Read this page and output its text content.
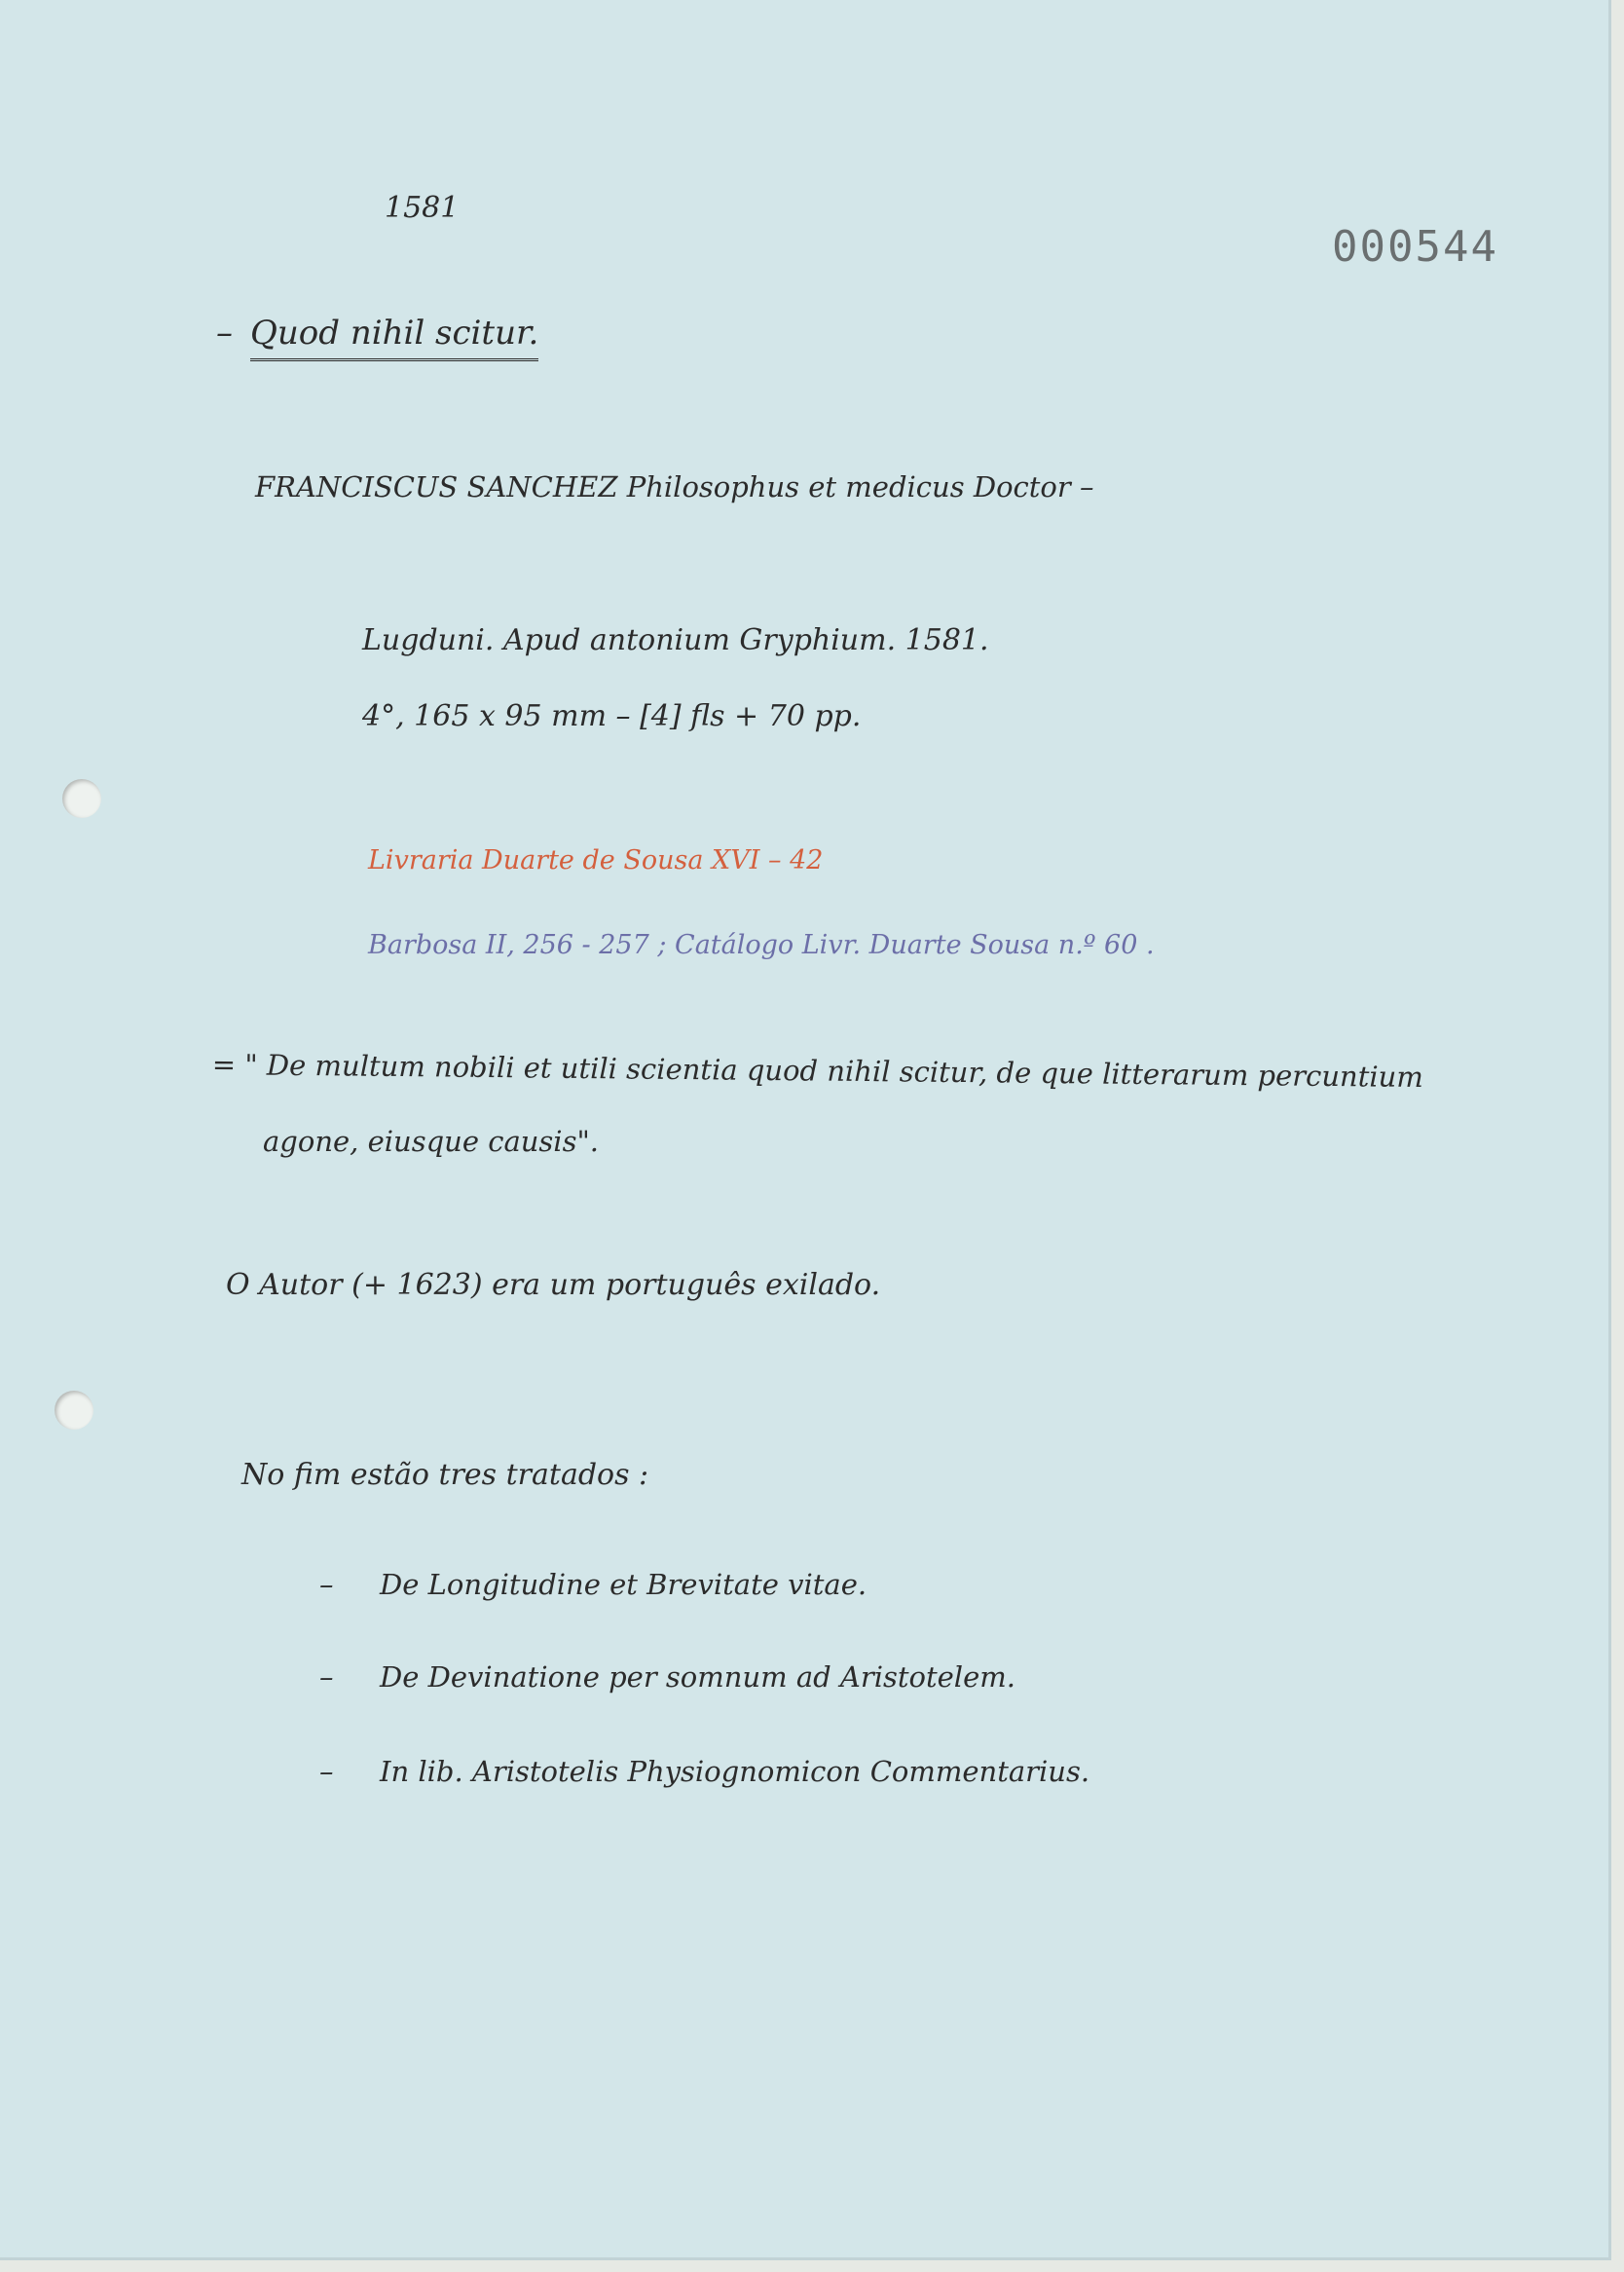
1581
000544
– Quod nihil scitur.
FRANCISCUS SANCHEZ Philosophus et medicus Doctor –
Lugduni. Apud antonium Gryphium. 1581.
4°, 165 x 95 mm – [4] fls + 70 pp.
Livraria Duarte de Sousa XVI – 42
Barbosa II, 256 - 257 ; Catálogo Livr. Duarte Sousa n.º 60 .
= " De multum nobili et utili scientia quod nihil scitur, de que litterarum percuntium
agone, eiusque causis".
O Autor (+ 1623) era um português exilado.
No fim estão tres tratados :
– De Longitudine et Brevitate vitae.
– De Devinatione per somnum ad Aristotelem.
– In lib. Aristotelis Physiognomicon Commentarius.
